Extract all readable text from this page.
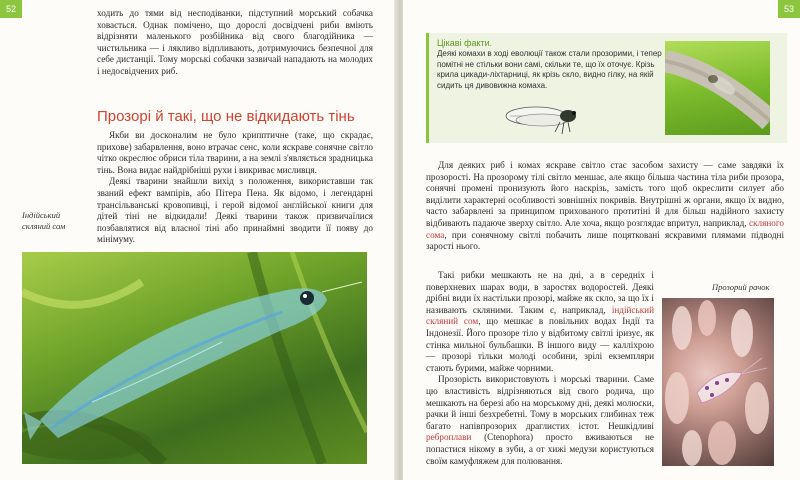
52	ходить до тями від несподіванки, підступний морський собачка ховається. Однак помічено, що дорослі досвідчені риби вміють відрізняти маленького розбійника від свого благодійника — чистильника — і лякливо відпливають, дотримуючись безпечної для себе дистанції. Тому морські собачки зазвичай нападають на молодих і недосвідчених риб.

Прозорі й такі, що не відкидають тінь

Якби ви досконалим не було крипптичне (таке, що скрадає, прихове) забарвлення, воно втрачає сенс, коли яскраве сонячне світло чітко окреслює обриси тіла тварини, а на землі з'являється зрадницька тінь. Вона видає найдрібніші рухи і викриває мисливця.

Деякі тварини знайшли вихід з положення, використавши так званий ефект вампірів, або Пітера Пена. Як відомо, і легендарні трансільванські кровопивці, і герой відомої англійської книги для дітей тіні не відкидали! Деякі тварини також призвичаїлися позбавлятися від власної тіні або принаймні зводити її появу до мінімуму.

Індійський скляний сом
53
Цікаві факти.
Деякі комахи в ході еволюції також стали прозорими, і тепер помітні не стільки вони самі, скільки те, що їх оточує. Крізь крила цикади-ліхтарниці, як крізь скло, видно гілку, на якій сидить ця дивовижна комаха.

Для деяких риб і комах яскраве світло стає засобом захисту — саме завдяки їх прозорості. На прозорому тілі світло меншає, але якщо більша частина тіла риби прозора, сонячні промені пронизують його наскрізь, замість того щоб окреслити силует або виділити характерні особливості зовнішніх покривів. Внутрішні ж органи, якщо їх видно, часто забарвлені за принципом прихованого протитіні й для більш надійного захисту відбивають падаюче зверху світло. Але хоча, якщо розглядає впритул, наприклад, скляного сома, при сонячному світлі побачить лише поцятковані яскравими плямами підводні зарості нього.

Такі рибки мешкають не на дні, а в середніх і поверхневих шарах води, в заростях водоростей. Деякі дрібні види їх настільки прозорі, майже як скло, за що їх і називають скляними. Таким є, наприклад, індійський скляний сом, що мешкає в повільних водах Індії та Індонезії. Його прозоре тіло у відбитому світлі іризує, як стінка мильної бульбашки. В іншого виду — калліхрою — прозорі тільки молоді особини, зрілі екземпляри стають бурими, майже чорними.

Прозорість використовують і морські тварини. Саме цю властивість відрізняються від свого родича, що мешкають на березі або на морському дні, деякі молюски, рачки й інші безхребетні. Тому в морських глибинах теж багато напівпрозорих драглистих істот. Нешкідливі реброплави (Ctenophora) просто вживаються не попастися нікому в зуби, а от хижі медузи користуються своїм камуфляжем для полювання.

Прозорий рачок
